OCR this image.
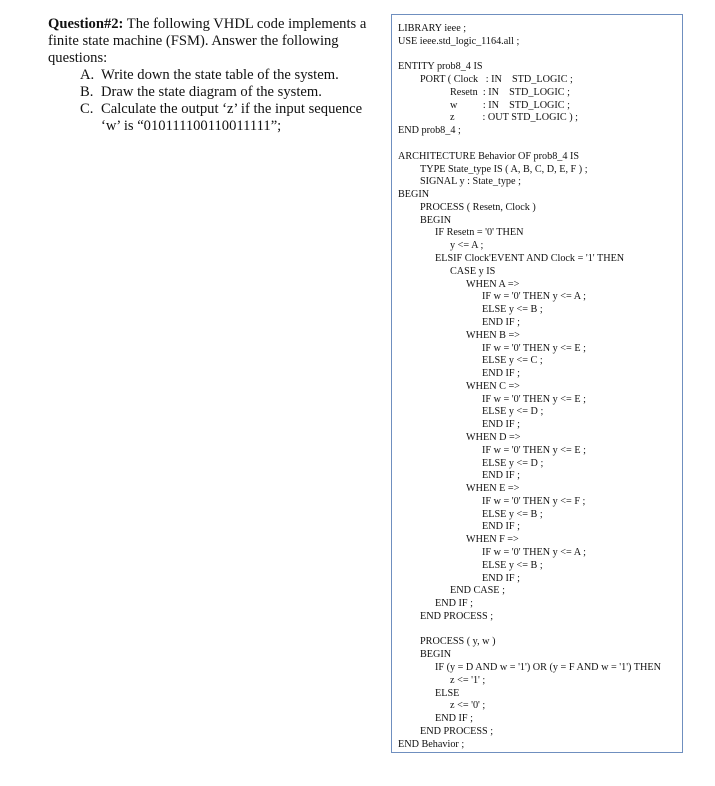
Question#2: The following VHDL code implements a finite state machine (FSM). Answer the following questions:

A. Write down the state table of the system.
B. Draw the state diagram of the system.
C. Calculate the output ‘z’ if the input sequence ‘w’ is “010111100110011111”;
LIBRARY ieee ;
USE ieee.std_logic_1164.all ;
ENTITY prob8_4 IS
PORT ( Clock   : IN    STD_LOGIC ;
Resetn  : IN    STD_LOGIC ;
w          : IN    STD_LOGIC ;
z           : OUT STD_LOGIC ) ;
END prob8_4 ;
ARCHITECTURE Behavior OF prob8_4 IS
TYPE State_type IS ( A, B, C, D, E, F ) ;
SIGNAL y : State_type ;
BEGIN
PROCESS ( Resetn, Clock )
BEGIN
IF Resetn = '0' THEN
y <= A ;
ELSIF Clock'EVENT AND Clock = '1' THEN
CASE y IS
WHEN A =>
IF w = '0' THEN y <= A ;
ELSE y <= B ;
END IF ;
WHEN B =>
IF w = '0' THEN y <= E ;
ELSE y <= C ;
END IF ;
WHEN C =>
IF w = '0' THEN y <= E ;
ELSE y <= D ;
END IF ;
WHEN D =>
IF w = '0' THEN y <= E ;
ELSE y <= D ;
END IF ;
WHEN E =>
IF w = '0' THEN y <= F ;
ELSE y <= B ;
END IF ;
WHEN F =>
IF w = '0' THEN y <= A ;
ELSE y <= B ;
END IF ;
END CASE ;
END IF ;
END PROCESS ;
PROCESS ( y, w )
BEGIN
IF (y = D AND w = '1') OR (y = F AND w = '1') THEN
z <= '1' ;
ELSE
z <= '0' ;
END IF ;
END PROCESS ;
END Behavior ;
